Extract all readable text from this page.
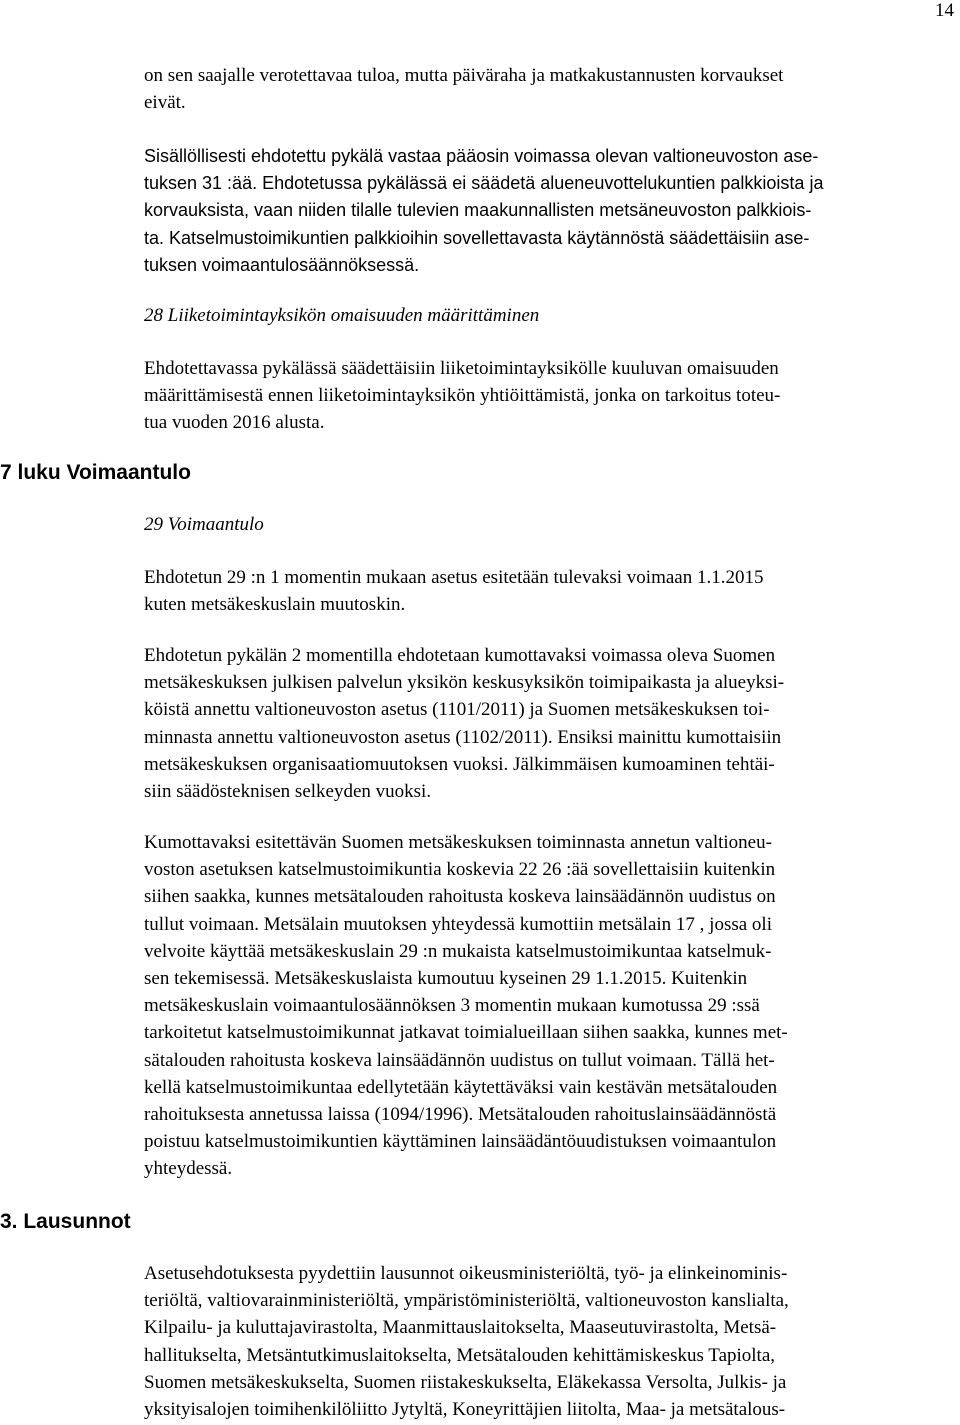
14
7 luku Voimaantulo
3. Lausunnot
on sen saajalle verotettavaa tuloa, mutta päiväraha ja matkakustannusten korvaukset
eivät.
Sisällöllisesti ehdotettu pykälä vastaa pääosin voimassa olevan valtioneuvoston ase-
tuksen 31 :ää. Ehdotetussa pykälässä ei säädetä alueneuvottelukuntien palkkioista ja
korvauksista, vaan niiden tilalle tulevien maakunnallisten metsäneuvoston palkkiois-
ta. Katselmustoimikuntien palkkioihin sovellettavasta käytännöstä säädettäisiin ase-
tuksen voimaantulosäännöksessä.
28 Liiketoimintayksikön omaisuuden määrittäminen
Ehdotettavassa pykälässä säädettäisiin liiketoimintayksikölle kuuluvan omaisuuden
määrittämisestä ennen liiketoimintayksikön yhtiöittämistä, jonka on tarkoitus toteu-
tua vuoden 2016 alusta.
29 Voimaantulo
Ehdotetun 29 :n 1 momentin mukaan asetus esitetään tulevaksi voimaan 1.1.2015
kuten metsäkeskuslain muutoskin.
Ehdotetun pykälän 2 momentilla ehdotetaan kumottavaksi voimassa oleva Suomen
metsäkeskuksen julkisen palvelun yksikön keskusyksikön toimipaikasta ja alueyksi-
köistä annettu valtioneuvoston asetus (1101/2011) ja Suomen metsäkeskuksen toi-
minnasta annettu valtioneuvoston asetus (1102/2011). Ensiksi mainittu kumottaisiin
metsäkeskuksen organisaatiomuutoksen vuoksi. Jälkimmäisen kumoaminen tehtäi-
siin säädösteknisen selkeyden vuoksi.
Kumottavaksi esitettävän Suomen metsäkeskuksen toiminnasta annetun valtioneu-
voston asetuksen katselmustoimikuntia koskevia 22 26 :ää sovellettaisiin kuitenkin
siihen saakka, kunnes metsätalouden rahoitusta koskeva lainsäädännön uudistus on
tullut voimaan. Metsälain muutoksen yhteydessä kumottiin metsälain 17 , jossa oli
velvoite käyttää metsäkeskuslain 29 :n mukaista katselmustoimikuntaa katselmuk-
sen tekemisessä. Metsäkeskuslaista kumoutuu kyseinen 29 1.1.2015. Kuitenkin
metsäkeskuslain voimaantulosäännöksen 3 momentin mukaan kumotussa 29 :ssä
tarkoitetut katselmustoimikunnat jatkavat toimialueillaan siihen saakka, kunnes met-
sätalouden rahoitusta koskeva lainsäädännön uudistus on tullut voimaan. Tällä het-
kellä katselmustoimikuntaa edellytetään käytettäväksi vain kestävän metsätalouden
rahoituksesta annetussa laissa (1094/1996). Metsätalouden rahoituslainsäädännöstä
poistuu katselmustoimikuntien käyttäminen lainsäädäntöuudistuksen voimaantulon
yhteydessä.
Asetusehdotuksesta pyydettiin lausunnot oikeusministeriöltä, työ- ja elinkeinominis-
teriöltä, valtiovarainministeriöltä, ympäristöministeriöltä, valtioneuvoston kanslialta,
Kilpailu- ja kuluttajavirastolta, Maanmittauslaitokselta, Maaseutuvirastolta, Metsä-
hallitukselta, Metsäntutkimuslaitokselta, Metsätalouden kehittämiskeskus Tapiolta,
Suomen metsäkeskukselta, Suomen riistakeskukselta, Eläkekassa Versolta, Julkis- ja
yksityisalojen toimihenkilöliitto Jytyltä, Koneyrittäjien liitolta, Maa- ja metsätalous-
